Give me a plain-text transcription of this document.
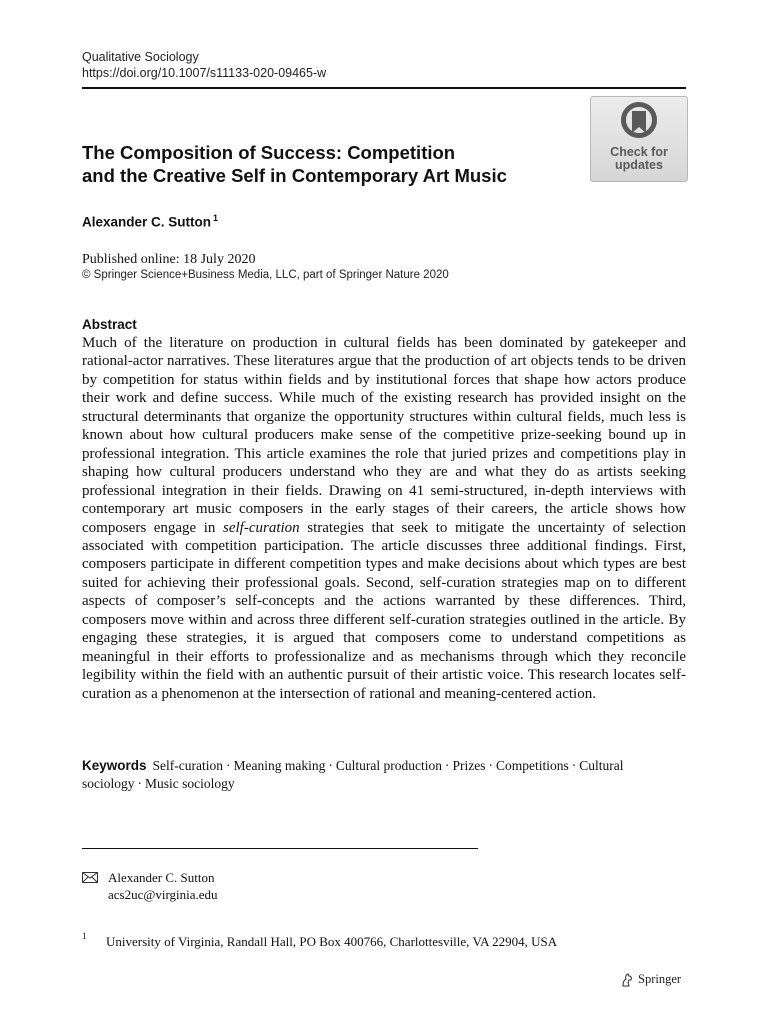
Qualitative Sociology
https://doi.org/10.1007/s11133-020-09465-w
The Composition of Success: Competition
and the Creative Self in Contemporary Art Music
Check for
updates
Alexander C. Sutton $^1$
Published online: 18 July 2020
© Springer Science+Business Media, LLC, part of Springer Nature 2020
Abstract

Much of the literature on production in cultural fields has been dominated by gatekeeper and rational-actor narratives. These literatures argue that the production of art objects tends to be driven by competition for status within fields and by institutional forces that shape how actors produce their work and define success. While much of the existing research has provided insight on the structural determinants that organize the opportunity structures within cultural fields, much less is known about how cultural producers make sense of the competitive prize-seeking bound up in professional integration. This article examines the role that juried prizes and competitions play in shaping how cultural producers understand who they are and what they do as artists seeking professional integration in their fields. Drawing on 41 semi-structured, in-depth interviews with contemporary art music composers in the early stages of their careers, the article shows how composers engage in self-curation strategies that seek to mitigate the uncertainty of selection associated with competition participation. The article discusses three additional findings. First, composers participate in different competition types and make decisions about which types are best suited for achieving their professional goals. Second, self-curation strategies map on to different aspects of composer’s self-concepts and the actions warranted by these differences. Third, composers move within and across three different self-curation strategies outlined in the article. By engaging these strategies, it is argued that composers come to understand competitions as meaningful in their efforts to professionalize and as mechanisms through which they reconcile legibility within the field with an authentic pursuit of their artistic voice. This research locates self-curation as a phenomenon at the intersection of rational and meaning-centered action.

Keywords Self-curation · Meaning making · Cultural production · Prizes · Competitions · Cultural
sociology · Music sociology
Alexander C. Sutton
acs2uc@virginia.edu
1 University of Virginia, Randall Hall, PO Box 400766, Charlottesville, VA 22904, USA
Springer
